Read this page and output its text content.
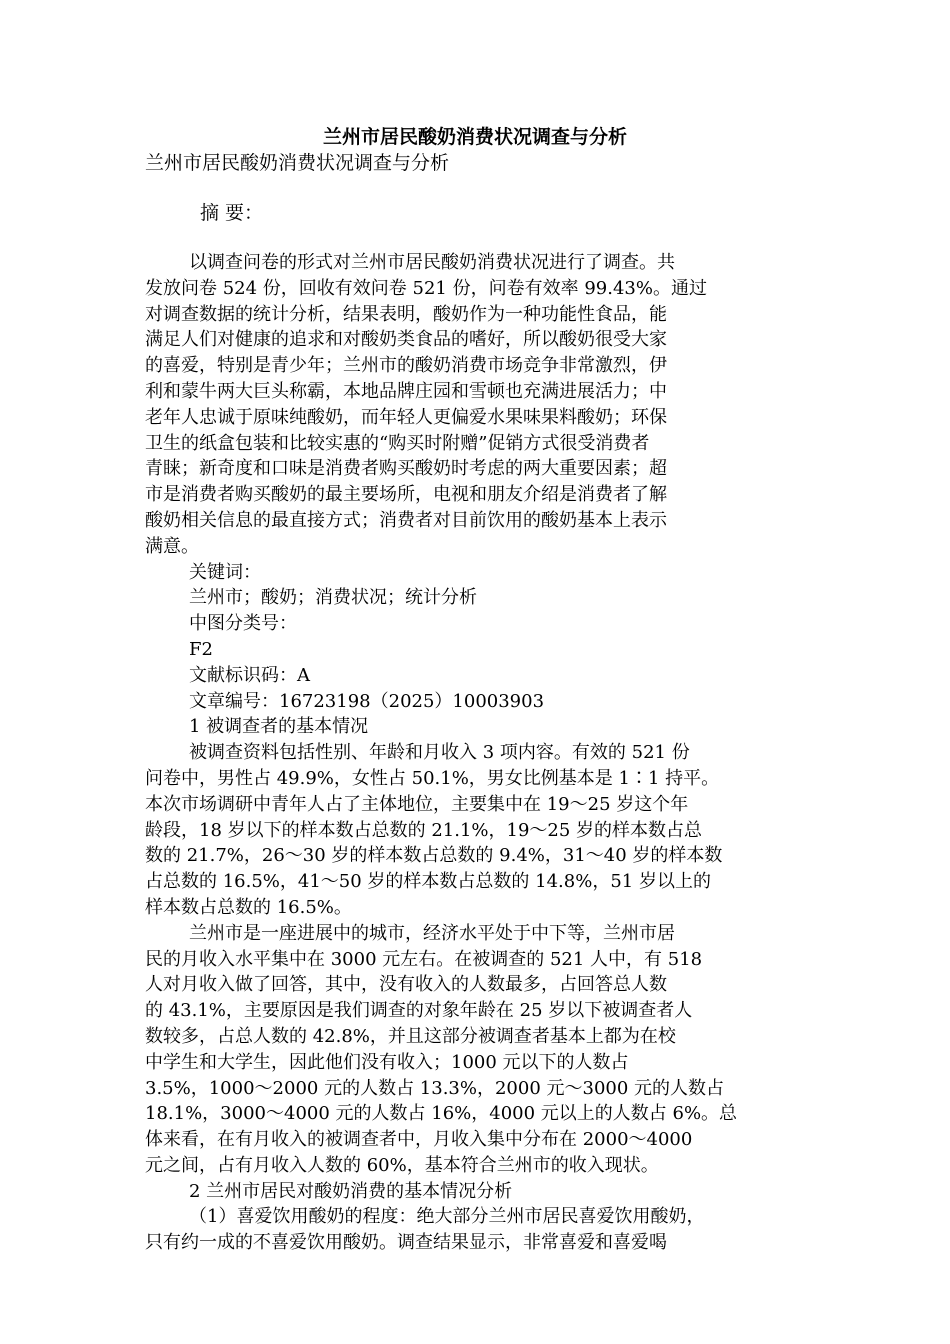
兰州市居民酸奶消费状况调查与分析
兰州市居民酸奶消费状况调查与分析
摘 要：

以调查问卷的形式对兰州市居民酸奶消费状况进行了调查。共

发放问卷 524 份，回收有效问卷 521 份，问卷有效率 99.43%。通过

对调查数据的统计分析，结果表明，酸奶作为一种功能性食品，能

满足人们对健康的追求和对酸奶类食品的嗜好，所以酸奶很受大家

的喜爱，特别是青少年；兰州市的酸奶消费市场竞争非常激烈，伊

利和蒙牛两大巨头称霸，本地品牌庄园和雪顿也充满进展活力；中

老年人忠诚于原味纯酸奶，而年轻人更偏爱水果味果料酸奶；环保

卫生的纸盒包装和比较实惠的“购买时附赠”促销方式很受消费者

青睐；新奇度和口味是消费者购买酸奶时考虑的两大重要因素；超

市是消费者购买酸奶的最主要场所，电视和朋友介绍是消费者了解

酸奶相关信息的最直接方式；消费者对目前饮用的酸奶基本上表示

满意。

关键词：

兰州市；酸奶；消费状况；统计分析

中图分类号：

F2

文献标识码：A

文章编号：16723198（2025）10003903

1 被调查者的基本情况

被调查资料包括性别、年龄和月收入 3 项内容。有效的 521 份

问卷中，男性占 49.9%，女性占 50.1%，男女比例基本是 1∶1 持平。

本次市场调研中青年人占了主体地位，主要集中在 19～25 岁这个年

龄段，18 岁以下的样本数占总数的 21.1%，19～25 岁的样本数占总

数的 21.7%，26～30 岁的样本数占总数的 9.4%，31～40 岁的样本数

占总数的 16.5%，41～50 岁的样本数占总数的 14.8%，51 岁以上的

样本数占总数的 16.5%。

兰州市是一座进展中的城市，经济水平处于中下等，兰州市居

民的月收入水平集中在 3000 元左右。在被调查的 521 人中，有 518

人对月收入做了回答，其中，没有收入的人数最多，占回答总人数

的 43.1%，主要原因是我们调查的对象年龄在 25 岁以下被调查者人

数较多，占总人数的 42.8%，并且这部分被调查者基本上都为在校

中学生和大学生，因此他们没有收入；1000 元以下的人数占

3.5%，1000～2000 元的人数占 13.3%，2000 元～3000 元的人数占

18.1%，3000～4000 元的人数占 16%，4000 元以上的人数占 6%。总

体来看，在有月收入的被调查者中，月收入集中分布在 2000～4000

元之间，占有月收入人数的 60%，基本符合兰州市的收入现状。

2 兰州市居民对酸奶消费的基本情况分析

（1）喜爱饮用酸奶的程度：绝大部分兰州市居民喜爱饮用酸奶，

只有约一成的不喜爱饮用酸奶。调查结果显示，非常喜爱和喜爱喝
